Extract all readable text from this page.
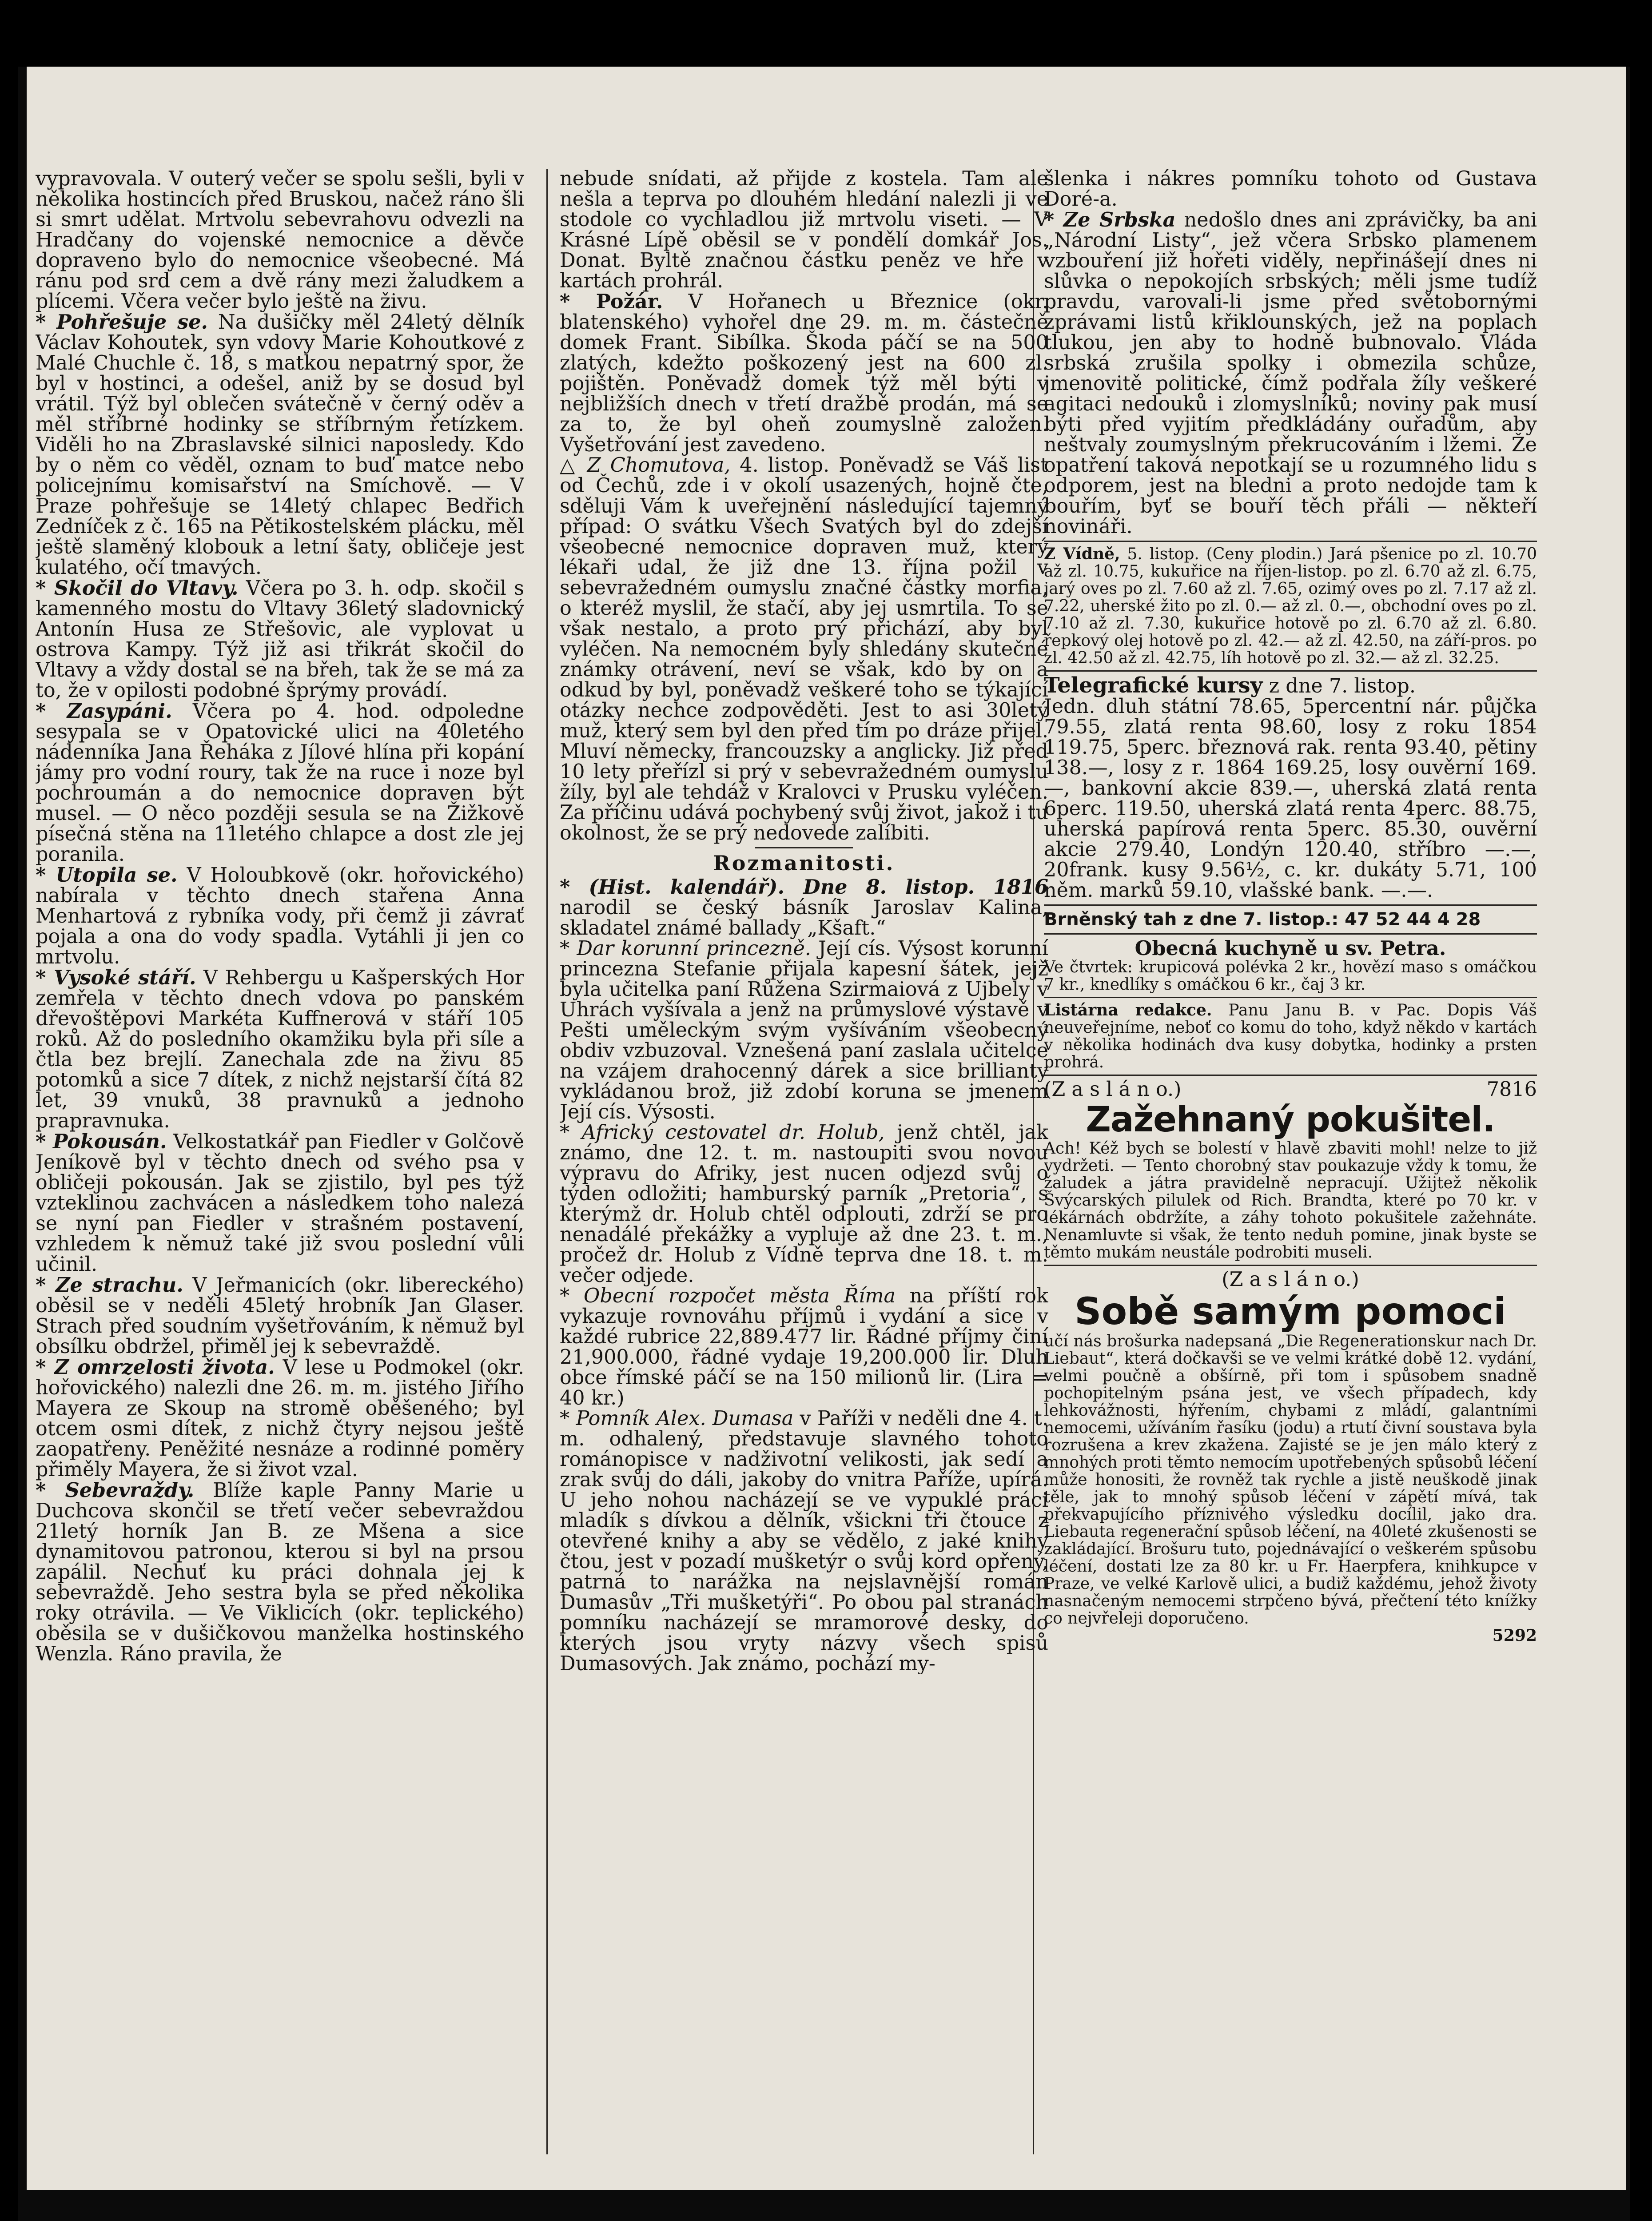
vypravovala. V outerý večer se spolu sešli, byli v několika hostincích před Bruskou, načež ráno šli si smrt udělat. Mrtvolu sebevrahovu odvezli na Hradčany do vojenské nemocnice a děvče dopraveno bylo do nemocnice všeobecné. Má ránu pod srd cem a dvě rány mezi žaludkem a plícemi. Včera večer bylo ještě na živu.

* Pohřešuje se. Na dušičky měl 24letý dělník Václav Kohoutek, syn vdovy Marie Kohoutkové z Malé Chuchle č. 18, s matkou nepatrný spor, že byl v hostinci, a odešel, aniž by se dosud byl vrátil. Týž byl oblečen svátečně v černý oděv a měl stříbrné hodinky se stříbrným řetízkem. Viděli ho na Zbraslavské silnici naposledy. Kdo by o něm co věděl, oznam to buď matce nebo policejnímu komisařství na Smíchově. — V Praze pohřešuje se 14letý chlapec Bedřich Zedníček z č. 165 na Pětikostelském plácku, měl ještě slaměný klobouk a letní šaty, obličeje jest kulatého, očí tmavých.

* Skočil do Vltavy. Včera po 3. h. odp. skočil s kamenného mostu do Vltavy 36letý sladovnický Antonín Husa ze Střešovic, ale vyplovat u ostrova Kampy. Týž již asi třikrát skočil do Vltavy a vždy dostal se na břeh, tak že se má za to, že v opilosti podobné šprýmy provádí.

* Zasypáni. Včera po 4. hod. odpoledne sesypala se v Opatovické ulici na 40letého nádenníka Jana Řeháka z Jílové hlína při kopání jámy pro vodní roury, tak že na ruce i noze byl pochroumán a do nemocnice dopraven být musel. — O něco později sesula se na Žižkově písečná stěna na 11letého chlapce a dost zle jej poranila.

* Utopila se. V Holoubkově (okr. hořovického) nabírala v těchto dnech stařena Anna Menhartová z rybníka vody, při čemž ji závrať pojala a ona do vody spadla. Vytáhli ji jen co mrtvolu.

* Vysoké stáří. V Rehbergu u Kašperských Hor zemřela v těchto dnech vdova po panském dřevoštěpovi Markéta Kuffnerová v stáří 105 roků. Až do posledního okamžiku byla při síle a čtla bez brejlí. Zanechala zde na živu 85 potomků a sice 7 dítek, z nichž nejstarší čítá 82 let, 39 vnuků, 38 pravnuků a jednoho prapravnuka.

* Pokousán. Velkostatkář pan Fiedler v Golčově Jeníkově byl v těchto dnech od svého psa v obličeji pokousán. Jak se zjistilo, byl pes týž vzteklinou zachvácen a následkem toho nalezá se nyní pan Fiedler v strašném postavení, vzhledem k němuž také již svou poslední vůli učinil.

* Ze strachu. V Jeřmanicích (okr. libereckého) oběsil se v neděli 45letý hrobník Jan Glaser. Strach před soudním vyšetřováním, k němuž byl obsílku obdržel, přiměl jej k sebevraždě.

* Z omrzelosti života. V lese u Podmokel (okr. hořovického) nalezli dne 26. m. m. jistého Jiřího Mayera ze Skoup na stromě oběšeného; byl otcem osmi dítek, z nichž čtyry nejsou ještě zaopatřeny. Peněžité nesnáze a rodinné poměry přiměly Mayera, že si život vzal.

* Sebevraždy. Blíže kaple Panny Marie u Duchcova skončil se třetí večer sebevraždou 21letý horník Jan B. ze Mšena a sice dynamitovou patronou, kterou si byl na prsou zapálil. Nechuť ku práci dohnala jej k sebevraždě. Jeho sestra byla se před několika roky otrávila. — Ve Viklicích (okr. teplického) oběsila se v dušičkovou manželka hostinského Wenzla. Ráno pravila, že

nebude snídati, až přijde z kostela. Tam ale nešla a teprva po dlouhém hledání nalezli ji ve stodole co vychladlou již mrtvolu viseti. — V Krásné Lípě oběsil se v pondělí domkář Jos. Donat. Byltě značnou částku peněz ve hře v kartách prohrál.

* Požár. V Hořanech u Březnice (okr. blatenského) vyhořel dne 29. m. m. částečně domek Frant. Sibílka. Škoda páčí se na 500 zlatých, kdežto poškozený jest na 600 zl. pojištěn. Poněvadž domek týž měl býti v nejbližších dnech v třetí dražbě prodán, má se za to, že byl oheň zoumyslně založen. Vyšetřování jest zavedeno.

△ Z Chomutova, 4. listop. Poněvadž se Váš list od Čechů, zde i v okolí usazených, hojně čte, sděluji Vám k uveřejnění následující tajemný případ: O svátku Všech Svatých byl do zdejší všeobecné nemocnice dopraven muž, který lékaři udal, že již dne 13. října požil v sebevražedném oumyslu značné částky morfia, o kteréž myslil, že stačí, aby jej usmrtila. To se však nestalo, a proto prý přichází, aby byl vyléčen. Na nemocném byly shledány skutečné známky otrávení, neví se však, kdo by on a odkud by byl, poněvadž veškeré toho se týkající otázky nechce zodpověděti. Jest to asi 30letý muž, který sem byl den před tím po dráze přijel. Mluví německy, francouzsky a anglicky. Již před 10 lety přeřízl si prý v sebevražedném oumyslu žíly, byl ale tehdáž v Kralovci v Prusku vyléčen. Za příčinu udává pochybený svůj život, jakož i tu okolnost, že se prý nedovede zalíbiti.

Rozmanitosti.

* (Hist. kalendář). Dne 8. listop. 1816 narodil se český básník Jaroslav Kalina, skladatel známé ballady „Kšaft.“

* Dar korunní princezně. Její cís. Výsost korunní princezna Stefanie přijala kapesní šátek, jejž byla učitelka paní Růžena Szirmaiová z Ujbely v Uhrách vyšívala a jenž na průmyslové výstavě v Pešti uměleckým svým vyšíváním všeobecný obdiv vzbuzoval. Vznešená paní zaslala učitelce na vzájem drahocenný dárek a sice brillianty vykládanou brož, již zdobí koruna se jmenem Její cís. Výsosti.

* Africký cestovatel dr. Holub, jenž chtěl, jak známo, dne 12. t. m. nastoupiti svou novou výpravu do Afriky, jest nucen odjezd svůj o týden odložiti; hamburský parník „Pretoria“, s kterýmž dr. Holub chtěl odplouti, zdrží se pro nenadálé překážky a vypluje až dne 23. t. m., pročež dr. Holub z Vídně teprva dne 18. t. m. večer odjede.

* Obecní rozpočet města Říma na příští rok vykazuje rovnováhu příjmů i vydání a sice v každé rubrice 22,889.477 lir. Řádné příjmy činí 21,900.000, řádné vydaje 19,200.000 lir. Dluh obce římské páčí se na 150 milionů lir. (Lira = 40 kr.)

* Pomník Alex. Dumasa v Paříži v neděli dne 4. t. m. odhalený, představuje slavného tohoto románopisce v nadživotní velikosti, jak sedí a zrak svůj do dáli, jakoby do vnitra Paříže, upírá. U jeho nohou nacházejí se ve vypuklé práci mladík s dívkou a dělník, všickni tři čtouce z otevřené knihy a aby se vědělo, z jaké knihy čtou, jest v pozadí mušketýr o svůj kord opřený, patrná to narážka na nejslavnější román Dumasův „Tři mušketýři“. Po obou pal stranách pomníku nacházejí se mramorové desky, do kterých jsou vryty názvy všech spisů Dumasových. Jak známo, pochází my-

šlenka i nákres pomníku tohoto od Gustava Doré-a.

* Ze Srbska nedošlo dnes ani zprávičky, ba ani „Národní Listy“, jež včera Srbsko plamenem vzbouření již hořeti viděly, nepřinášejí dnes ni slůvka o nepokojích srbských; měli jsme tudíž pravdu, varovali-li jsme před světobornými zprávami listů křiklounských, jež na poplach tlukou, jen aby to hodně bubnovalo. Vláda srbská zrušila spolky i obmezila schůze, jmenovitě politické, čímž podřala žíly veškeré agitaci nedouků i zlomyslníků; noviny pak musí býti před vyjitím předkládány ouřadům, aby neštvaly zoumyslným překrucováním i lžemi. Že opatření taková nepotkají se u rozumného lidu s odporem, jest na bledni a proto nedojde tam k bouřím, byť se bouří těch přáli — někteří novináři.

Z Vídně, 5. listop. (Ceny plodin.) Jará pšenice po zl. 10.70 až zl. 10.75, kukuřice na říjen-listop. po zl. 6.70 až zl. 6.75, jarý oves po zl. 7.60 až zl. 7.65, ozimý oves po zl. 7.17 až zl. 7.22, uherské žito po zl. 0.— až zl. 0.—, obchodní oves po zl. 7.10 až zl. 7.30, kukuřice hotově po zl. 6.70 až zl. 6.80. řepkový olej hotově po zl. 42.— až zl. 42.50, na září-pros. po zl. 42.50 až zl. 42.75, líh hotově po zl. 32.— až zl. 32.25.

Telegrafické kursy z dne 7. listop.

Jedn. dluh státní 78.65, 5percentní nár. půjčka 79.55, zlatá renta 98.60, losy z roku 1854 119.75, 5perc. březnová rak. renta 93.40, pětiny 138.—, losy z r. 1864 169.25, losy ouvěrní 169.—, bankovní akcie 839.—, uherská zlatá renta 6perc. 119.50, uherská zlatá renta 4perc. 88.75, uherská papírová renta 5perc. 85.30, ouvěrní akcie 279.40, Londýn 120.40, stříbro —.—, 20frank. kusy 9.56½, c. kr. dukáty 5.71, 100 něm. marků 59.10, vlašské bank. —.—.

Brněnský tah z dne 7. listop.: 47 52 44 4 28

Obecná kuchyně u sv. Petra.

Ve čtvrtek: krupicová polévka 2 kr., hovězí maso s omáčkou 7 kr., knedlíky s omáčkou 6 kr., čaj 3 kr.

Listárna redakce. Panu Janu B. v Pac. Dopis Váš neuveřejníme, neboť co komu do toho, když někdo v kartách v několika hodinách dva kusy dobytka, hodinky a prsten prohrá.

(Z a s l á n o.)	7816
Zažehnaný pokušitel.

Ach! Kéž bych se bolestí v hlavě zbaviti mohl! nelze to již vydržeti. — Tento chorobný stav poukazuje vždy k tomu, že žaludek a játra pravidelně nepracují. Užijtež několik Švýcarských pilulek od Rich. Brandta, které po 70 kr. v lékárnách obdržíte, a záhy tohoto pokušitele zažehnáte. Nenamluvte si však, že tento neduh pomine, jinak byste se těmto mukám neustále podrobiti museli.

(Z a s l á n o.)

Sobě samým pomoci

učí nás brošurka nadepsaná „Die Regenerationskur nach Dr. Liebaut“, která dočkavši se ve velmi krátké době 12. vydání, velmi poučně a obšírně, při tom i spůsobem snadně pochopitelným psána jest, ve všech případech, kdy lehkovážnosti, hýřením, chybami z mládí, galantními nemocemi, užíváním řasíku (jodu) a rtutí čivní soustava byla rozrušena a krev zkažena. Zajisté se je jen málo který z mnohých proti těmto nemocím upotřebených spůsobů léčení může honositi, že rovněž tak rychle a jistě neuškodě jinak těle, jak to mnohý spůsob léčení v zápětí mívá, tak překvapujícího příznivého výsledku docílil, jako dra. Liebauta regenerační spůsob léčení, na 40leté zkušenosti se zakládající. Brošuru tuto, pojednávající o veškerém spůsobu léčení, dostati lze za 80 kr. u Fr. Haerpfera, knihkupce v Praze, ve velké Karlově ulici, a budiž každému, jehož životy nasnačeným nemocemi strpčeno bývá, přečtení této knížky co nejvřeleji doporučeno.

5292
